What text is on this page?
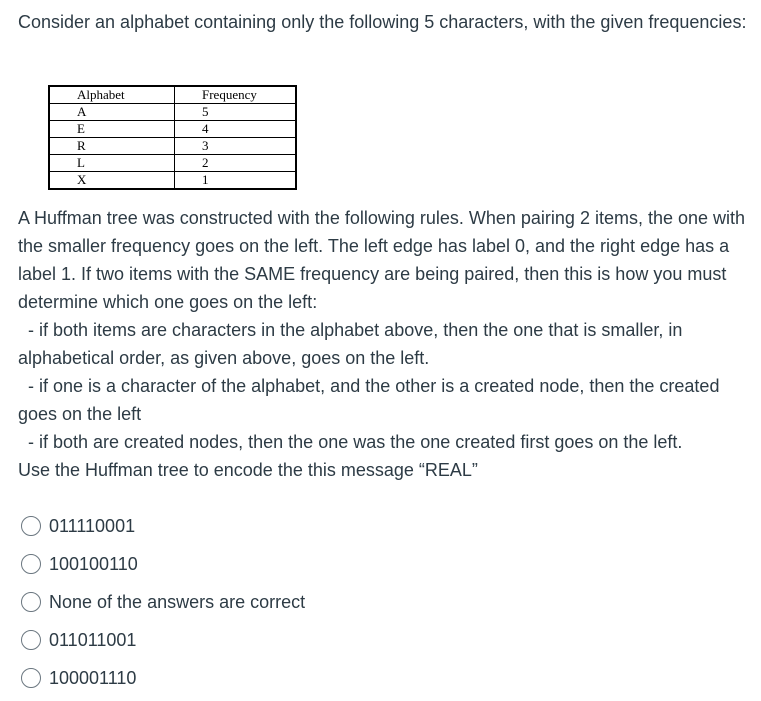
Consider an alphabet containing only the following 5 characters, with the given frequencies:

Alphabet	Frequency
A	5
E	4
R	3
L	2
X	1

A Huffman tree was constructed with the following rules. When pairing 2 items, the one with the smaller frequency goes on the left. The left edge has label 0, and the right edge has a label 1. If two items with the SAME frequency are being paired, then this is how you must determine which one goes on the left:

- if both items are characters in the alphabet above, then the one that is smaller, in alphabetical order, as given above, goes on the left.

- if one is a character of the alphabet, and the other is a created node, then the created goes on the left

- if both are created nodes, then the one was the one created first goes on the left.

Use the Huffman tree to encode the this message “REAL”

011110001
100100110
None of the answers are correct
011011001
100001110
